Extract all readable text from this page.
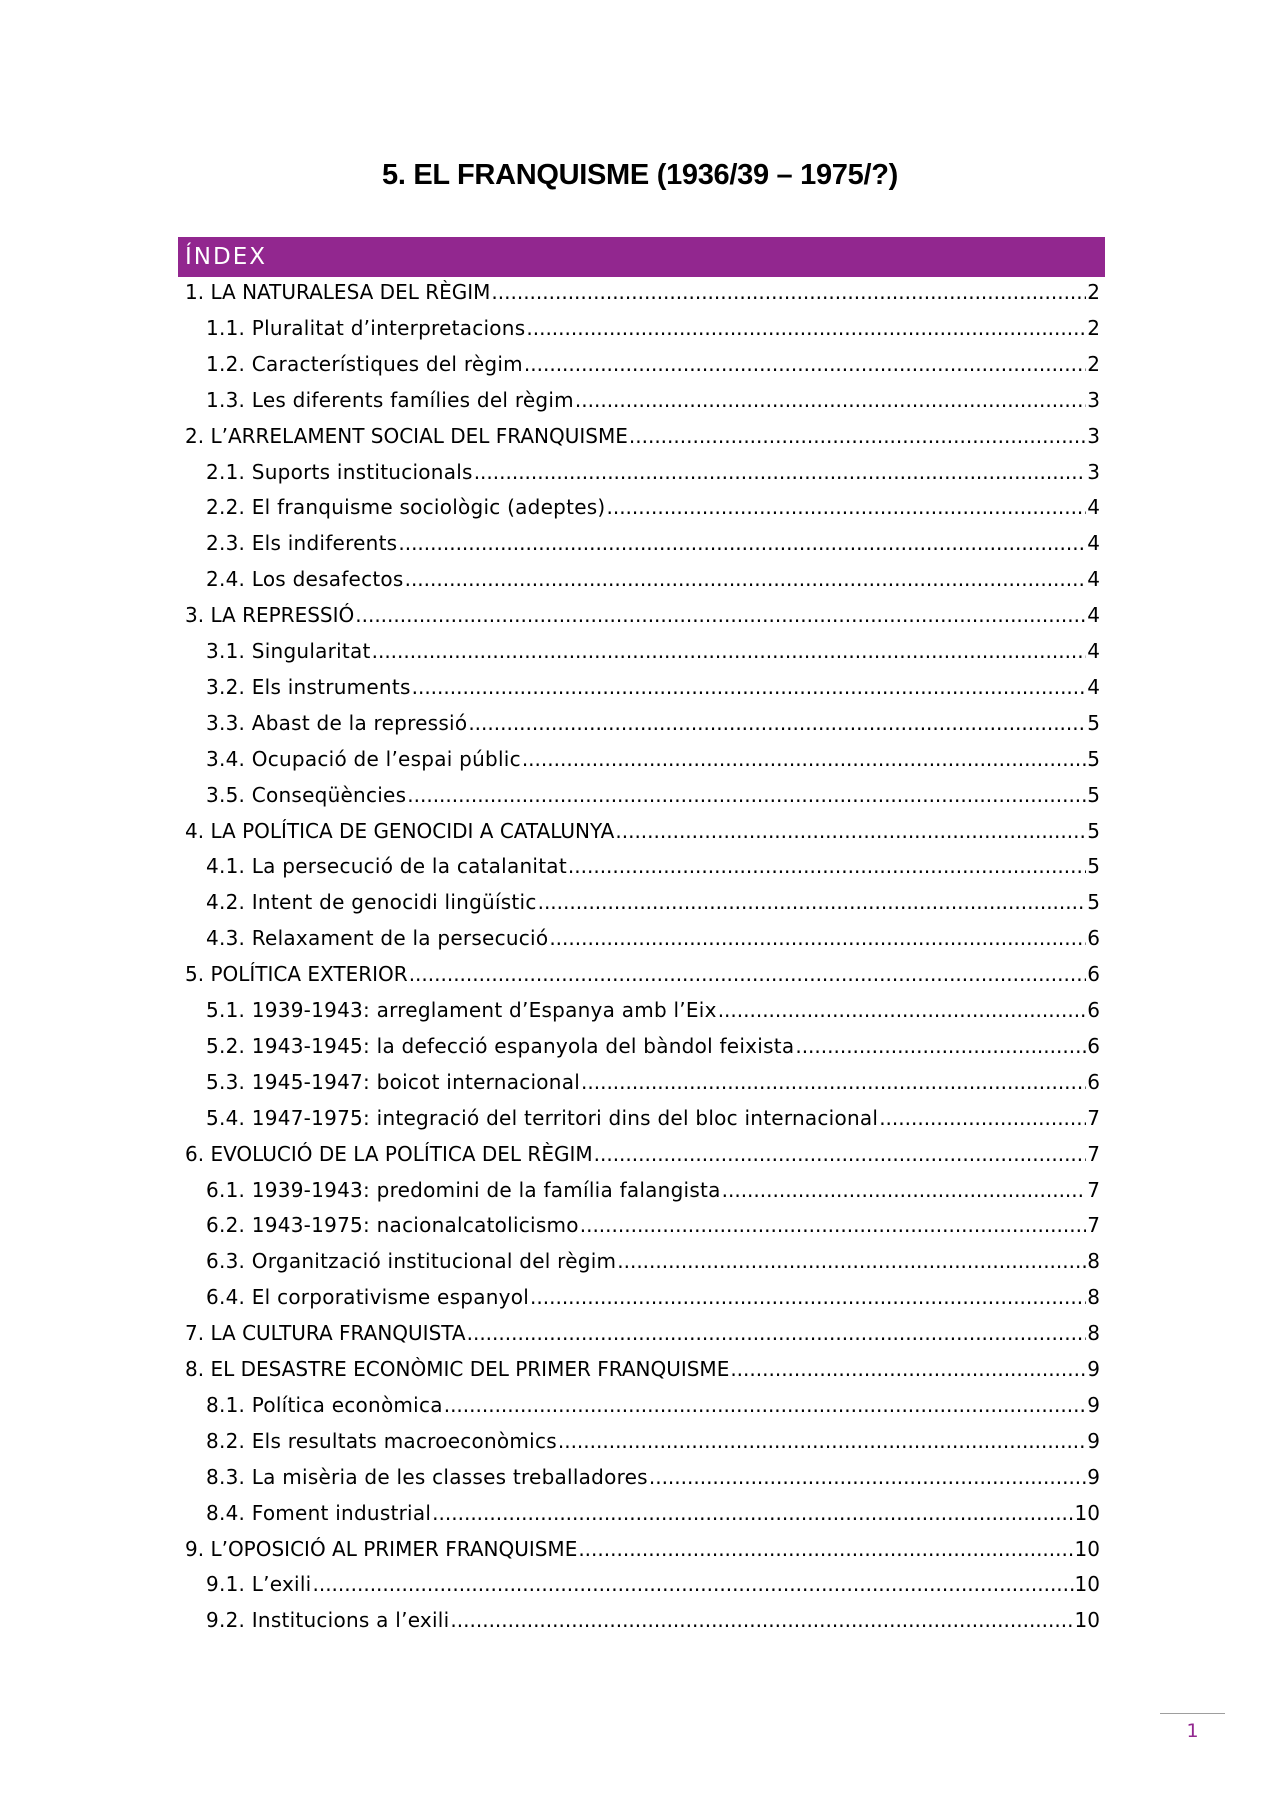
5. EL FRANQUISME (1936/39 – 1975/?)
ÍNDEX
1. LA NATURALESA DEL RÈGIM .....	2
1.1. Pluralitat d’interpretacions .....	2
1.2. Característiques del règim .....	2
1.3. Les diferents famílies del règim .....	3
2. L’ARRELAMENT SOCIAL DEL FRANQUISME .....	3
2.1. Suports institucionals .....	3
2.2. El franquisme sociològic (adeptes) .....	4
2.3. Els indiferents .....	4
2.4. Los desafectos .....	4
3. LA REPRESSIÓ .....	4
3.1. Singularitat .....	4
3.2. Els instruments .....	4
3.3. Abast de la repressió .....	5
3.4. Ocupació de l’espai públic .....	5
3.5. Conseqüències .....	5
4. LA POLÍTICA DE GENOCIDI A CATALUNYA .....	5
4.1. La persecució de la catalanitat .....	5
4.2. Intent de genocidi lingüístic .....	5
4.3. Relaxament de la persecució .....	6
5. POLÍTICA EXTERIOR .....	6
5.1. 1939-1943: arreglament d’Espanya amb l’Eix .....	6
5.2. 1943-1945: la defecció espanyola del bàndol feixista .....	6
5.3. 1945-1947: boicot internacional .....	6
5.4. 1947-1975: integració del territori dins del bloc internacional .....	7
6. EVOLUCIÓ DE LA POLÍTICA DEL RÈGIM .....	7
6.1. 1939-1943: predomini de la família falangista .....	7
6.2. 1943-1975: nacionalcatolicismo .....	7
6.3. Organització institucional del règim .....	8
6.4. El corporativisme espanyol .....	8
7. LA CULTURA FRANQUISTA .....	8
8. EL DESASTRE ECONÒMIC DEL PRIMER FRANQUISME .....	9
8.1. Política econòmica .....	9
8.2. Els resultats macroeconòmics .....	9
8.3. La misèria de les classes treballadores .....	9
8.4. Foment industrial .....	10
9. L’OPOSICIÓ AL PRIMER FRANQUISME .....	10
9.1. L’exili .....	10
9.2. Institucions a l’exili .....	10
1
